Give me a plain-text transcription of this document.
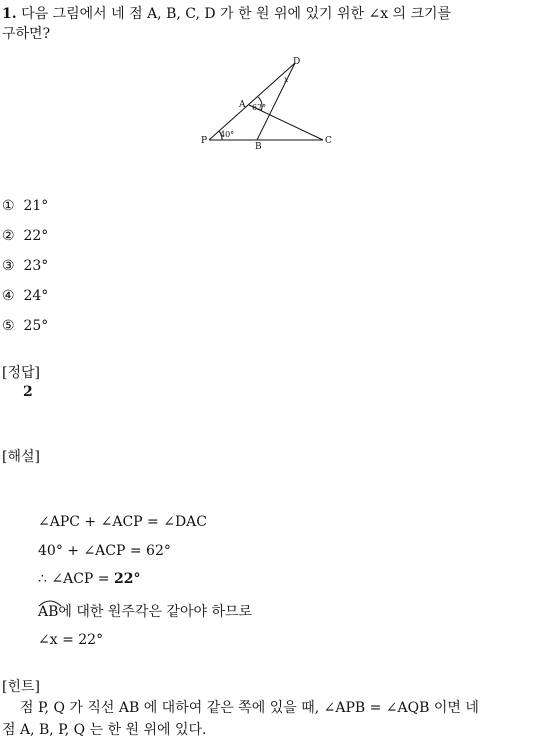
1. 다음 그림에서 네 점 A, B, C, D 가 한 원 위에 있기 위한 ∠x 의 크기를
구하면?
D
x
A 62°
40°
P
B
C
① 21°
② 22°
③ 23°
④ 24°
⑤ 25°
[정답]
2
[해설]
∠APC + ∠ACP = ∠DAC
40° + ∠ACP = 62°
∴ ∠ACP = 22°
AB에 대한 원주각은 같아야 하므로
∠x = 22°
[힌트]
점 P, Q 가 직선 AB 에 대하여 같은 쪽에 있을 때, ∠APB = ∠AQB 이면 네
점 A, B, P, Q 는 한 원 위에 있다.
